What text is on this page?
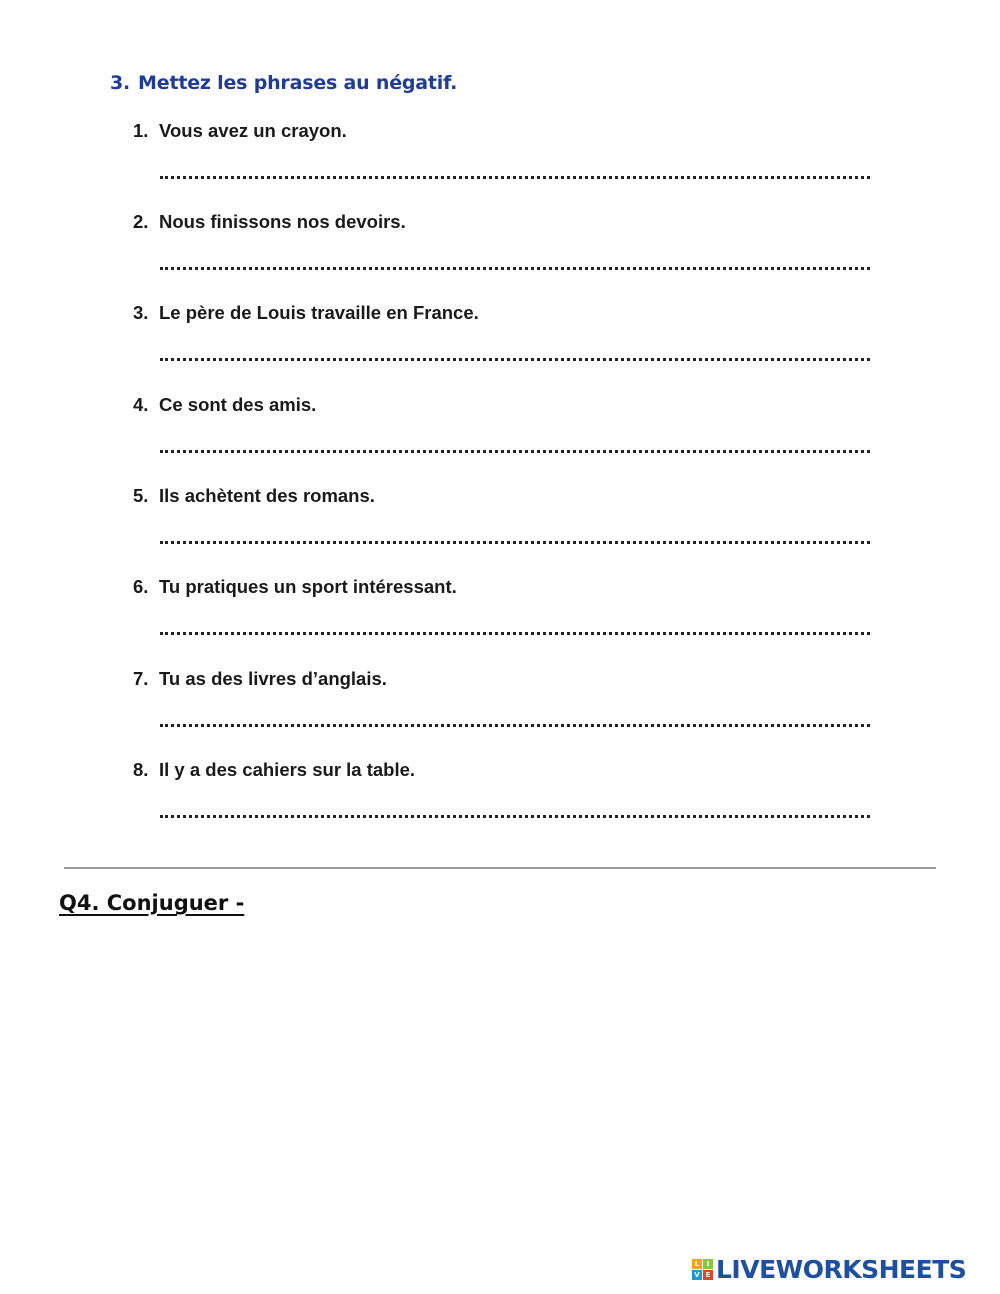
3. Mettez les phrases au négatif.
1. Vous avez un crayon.
2. Nous finissons nos devoirs.
3. Le père de Louis travaille en France.
4. Ce sont des amis.
5. Ils achètent des romans.
6. Tu pratiques un sport intéressant.
7. Tu as des livres d’anglais.
8. Il y a des cahiers sur la table.
Q4. Conjuguer -
L	I
V E LIVEWORKSHEETS
